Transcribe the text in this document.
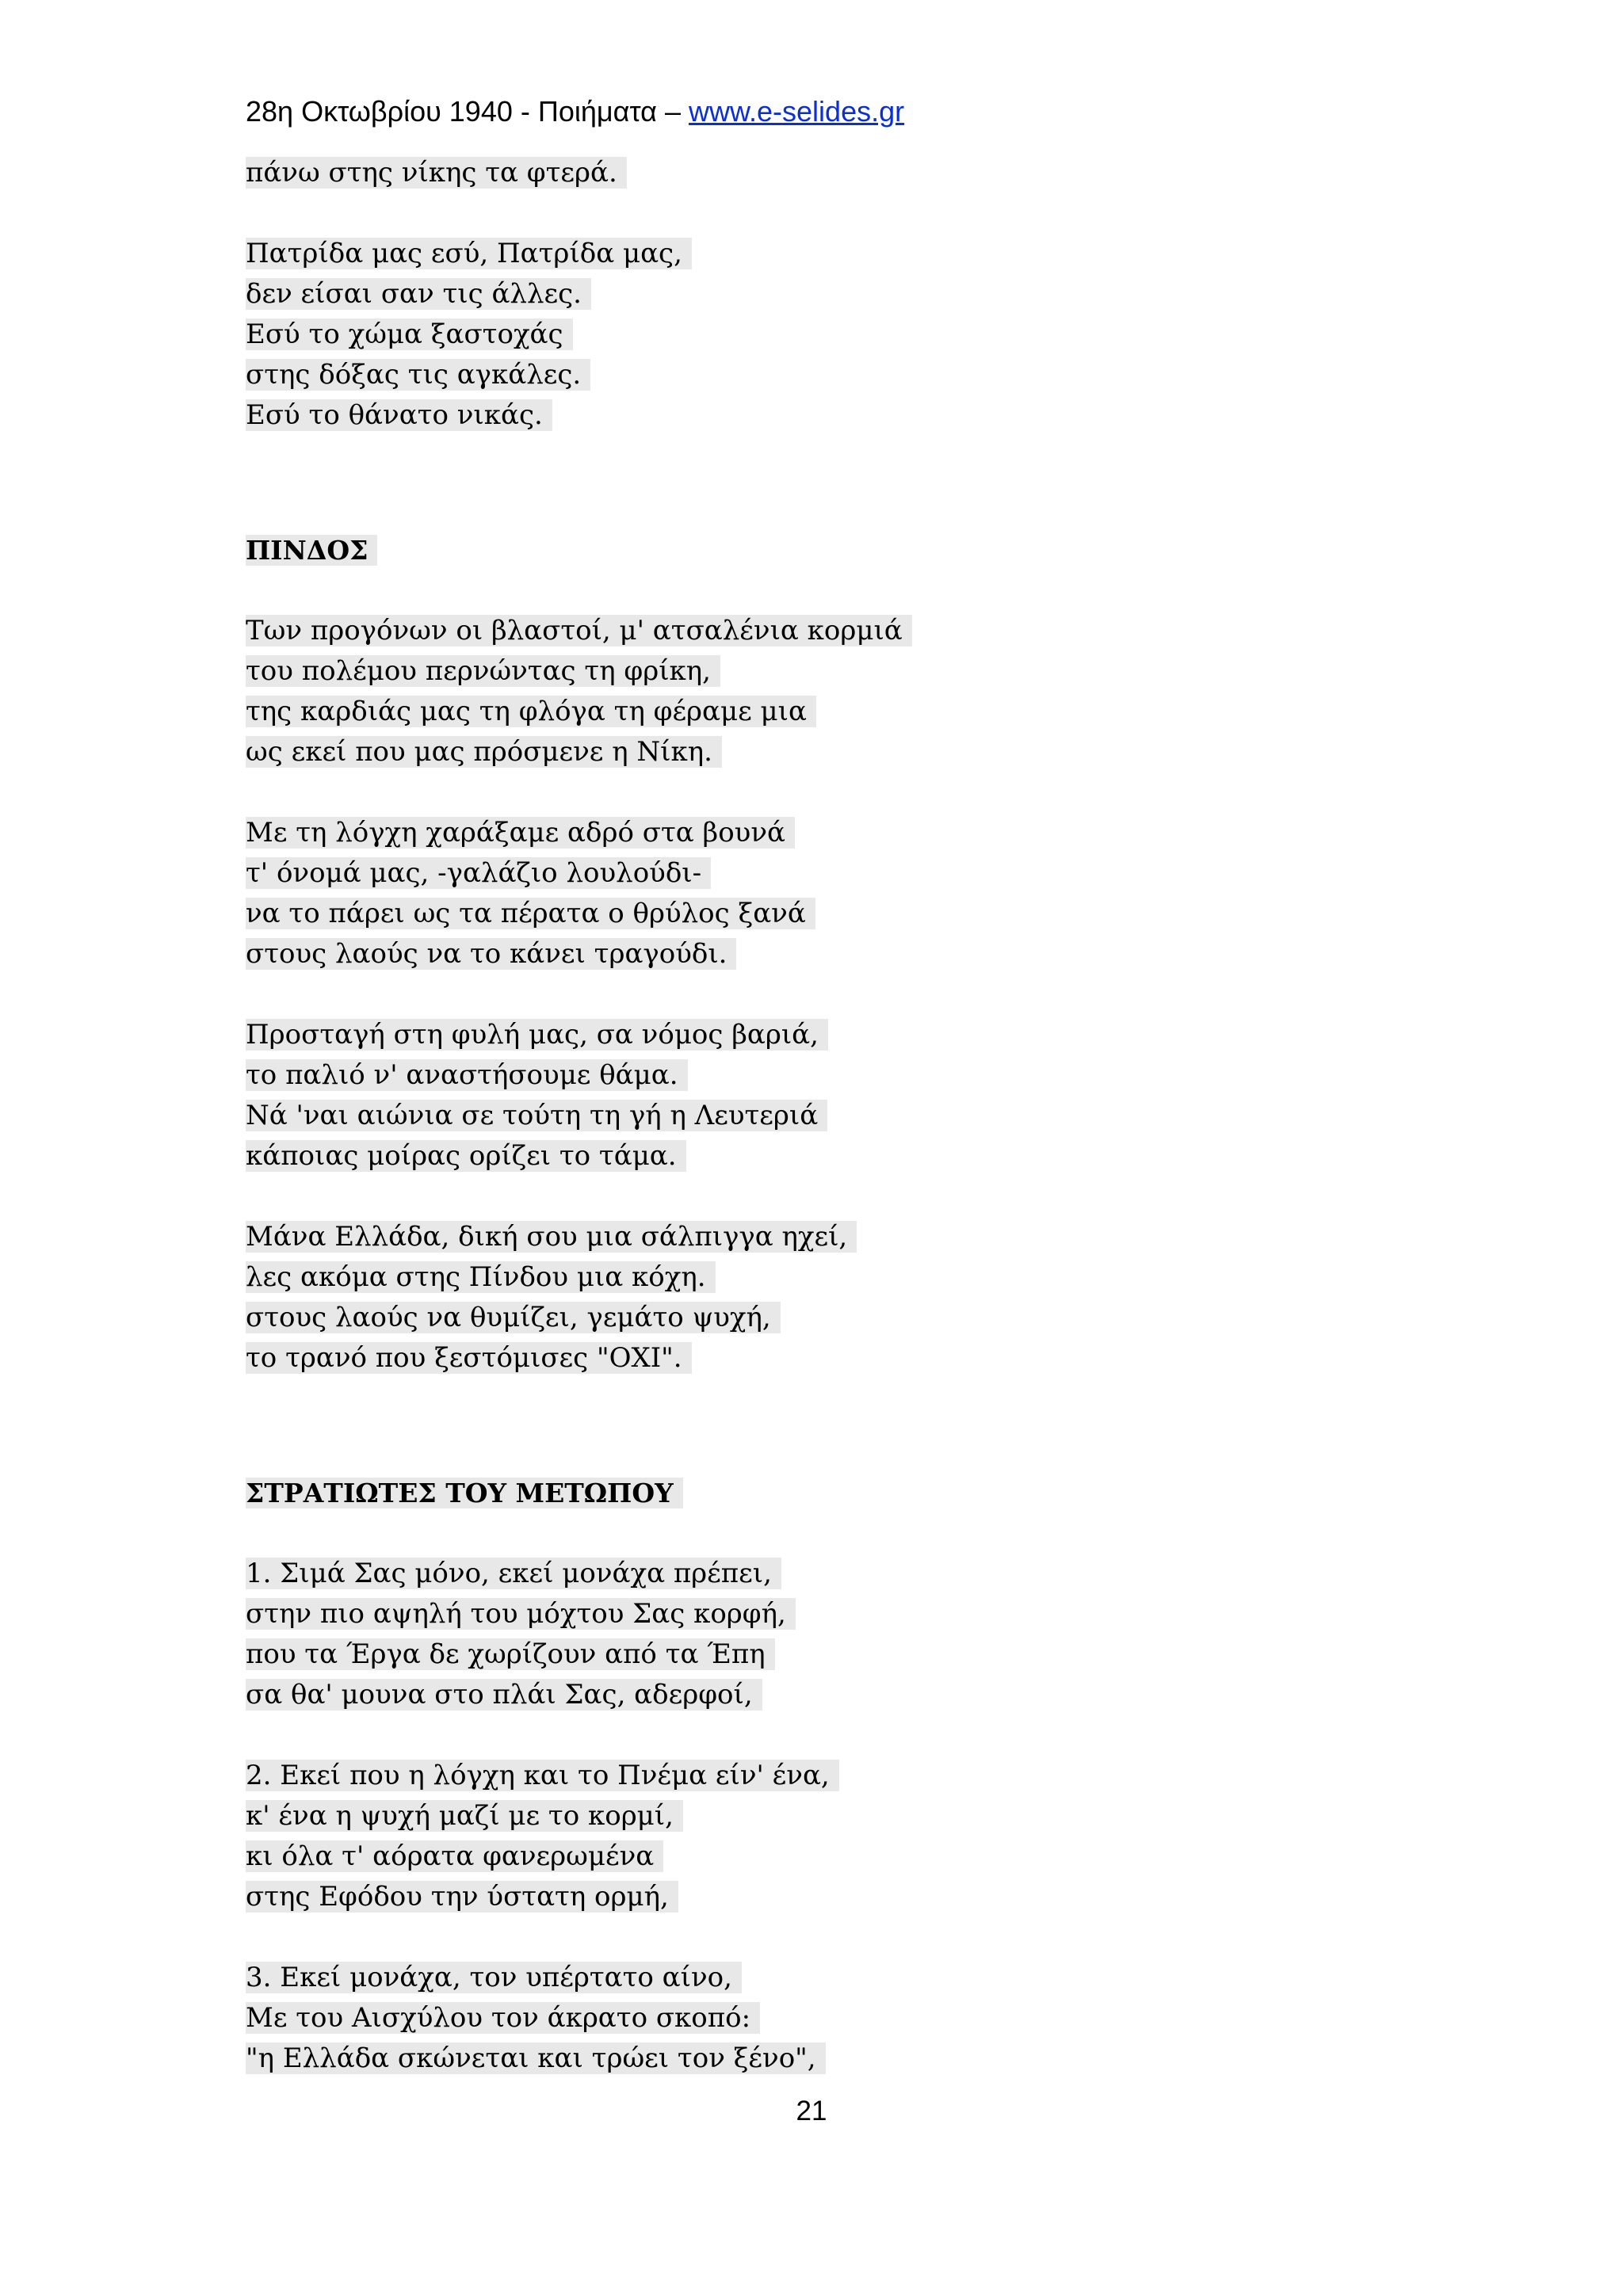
28η Οκτωβρίου 1940 - Ποιήματα – www.e-selides.gr
πάνω στης νίκης τα φτερά.
Πατρίδα μας εσύ, Πατρίδα μας,
δεν είσαι σαν τις άλλες.
Εσύ το χώμα ξαστοχάς
στης δόξας τις αγκάλες.
Εσύ το θάνατο νικάς.
ΠΙΝΔΟΣ
Των προγόνων οι βλαστοί, μ' ατσαλένια κορμιά
του πολέμου περνώντας τη φρίκη,
της καρδιάς μας τη φλόγα τη φέραμε μια
ως εκεί που μας πρόσμενε η Νίκη.
Με τη λόγχη χαράξαμε αδρό στα βουνά
τ' όνομά μας, -γαλάζιο λουλούδι-
να το πάρει ως τα πέρατα ο θρύλος ξανά
στους λαούς να το κάνει τραγούδι.
Προσταγή στη φυλή μας, σα νόμος βαριά,
το παλιό ν' αναστήσουμε θάμα.
Νά 'ναι αιώνια σε τούτη τη γή η Λευτεριά
κάποιας μοίρας ορίζει το τάμα.
Μάνα Ελλάδα, δική σου μια σάλπιγγα ηχεί,
λες ακόμα στης Πίνδου μια κόχη.
στους λαούς να θυμίζει, γεμάτο ψυχή,
το τρανό που ξεστόμισες "ΟΧΙ".
ΣΤΡΑΤΙΩΤΕΣ ΤΟΥ ΜΕΤΩΠΟΥ
1. Σιμά Σας μόνο, εκεί μονάχα πρέπει,
στην πιο αψηλή του μόχτου Σας κορφή,
που τα Έργα δε χωρίζουν από τα Έπη
σα θα' μουνα στο πλάι Σας, αδερφοί,
2. Εκεί που η λόγχη και το Πνέμα είν' ένα,
κ' ένα η ψυχή μαζί με το κορμί,
κι όλα τ' αόρατα φανερωμένα
στης Εφόδου την ύστατη ορμή,
3. Εκεί μονάχα, τον υπέρτατο αίνο,
Με του Αισχύλου τον άκρατο σκοπό:
"η Ελλάδα σκώνεται και τρώει τον ξένο",
21
